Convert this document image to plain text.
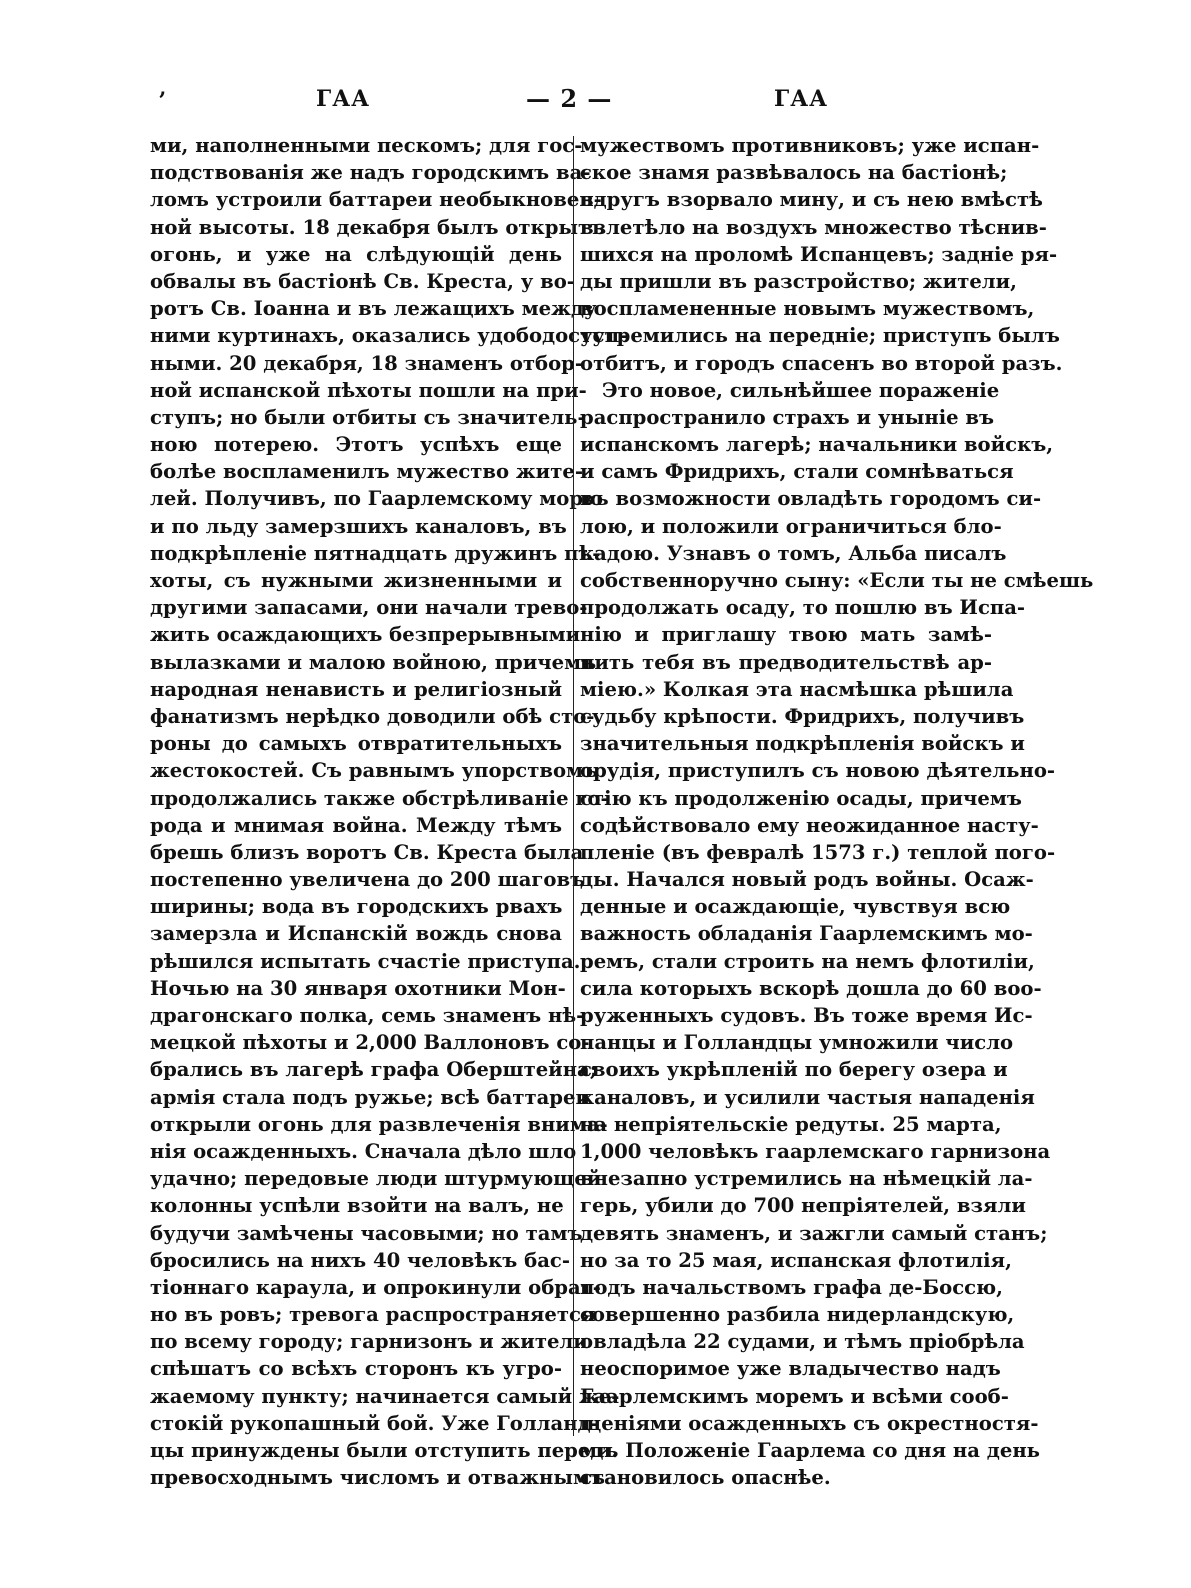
ʼ	ГАА	— 2 —	ГАА
ми, наполненными пескомъ; для гос-
подствованія же надъ городскимъ ва-
ломъ устроили баттареи необыкновен-
ной высоты. 18 декабря былъ открытъ
огонь, и уже на слѣдующій день
обвалы въ бастіонѣ Св. Креста, у во-
ротъ Св. Іоанна и въ лежащихъ между
ними куртинахъ, оказались удободоступ-
ными. 20 декабря, 18 знаменъ отбор-
ной испанской пѣхоты пошли на при-
ступъ; но были отбиты съ значитель-
ною потерею. Этотъ успѣхъ еще
болѣе воспламенилъ мужество жите-
лей. Получивъ, по Гаарлемскому морю
и по льду замерзшихъ каналовъ, въ
подкрѣпленіе пятнадцать дружинъ пѣ-
хоты, съ нужными жизненными и
другими запасами, они начали трево-
жить осаждающихъ безпрерывными
вылазками и малою войною, причемъ
народная ненависть и религіозный
фанатизмъ нерѣдко доводили обѣ сто-
роны до самыхъ отвратительныхъ
жестокостей. Съ равнымъ упорствомъ
продолжались также обстрѣливаніе го-
рода и мнимая война. Между тѣмъ
брешь близъ воротъ Св. Креста была
постепенно увеличена до 200 шаговъ
ширины; вода въ городскихъ рвахъ
замерзла и Испанскій вождь снова
рѣшился испытать счастіе приступа.
Ночью на 30 января охотники Мон-
драгонскаго полка, семь знаменъ нѣ-
мецкой пѣхоты и 2,000 Валлоновъ со-
брались въ лагерѣ графа Оберштейна;
армія стала подъ ружье; всѣ баттареи
открыли огонь для развлеченія внима-
нія осажденныхъ. Сначала дѣло шло
удачно; передовые люди штурмующей
колонны успѣли взойти на валъ, не
будучи замѣчены часовыми; но тамъ
бросились на нихъ 40 человѣкъ бас-
тіоннаго караула, и опрокинули обрат-
но въ ровъ; тревога распространяется
по всему городу; гарнизонъ и жители
спѣшатъ со всѣхъ сторонъ къ угро-
жаемому пункту; начинается самый же-
стокій рукопашный бой. Уже Голланд-
цы принуждены были отступить передъ
превосходнымъ числомъ и отважнымъ
мужествомъ противниковъ; уже испан-
ское знамя развѣвалось на бастіонѣ;
вдругъ взорвало мину, и съ нею вмѣстѣ
взлетѣло на воздухъ множество тѣснив-
шихся на проломѣ Испанцевъ; заднiе ря-
ды пришли въ разстройство; жители,
воспламененные новымъ мужествомъ,
устремились на переднiе; приступъ былъ
отбитъ, и городъ спасенъ во второй разъ.
Это новое, сильнѣйшее пораженіе
распространило страхъ и уныніе въ
испанскомъ лагерѣ; начальники войскъ,
и самъ Фридрихъ, стали сомнѣваться
въ возможности овладѣть городомъ си-
лою, и положили ограничиться бло-
кадою. Узнавъ о томъ, Альба писалъ
собственноручно сыну: «Если ты не смѣешь
продолжать осаду, то пошлю въ Испа-
нію и приглашу твою мать замѣ-
нить тебя въ предводительствѣ ар-
міею.» Колкая эта насмѣшка рѣшила
судьбу крѣпости. Фридрихъ, получивъ
значительныя подкрѣпленія войскъ и
орудія, приступилъ съ новою дѣятельно-
стію къ продолженію осады, причемъ
содѣйствовало ему неожиданное насту-
пленіе (въ февралѣ 1573 г.) теплой пого-
ды. Начался новый родъ войны. Осаж-
денные и осаждающіе, чувствуя всю
важность обладанія Гаарлемскимъ мо-
ремъ, стали строить на немъ флотиліи,
сила которыхъ вскорѣ дошла до 60 воо-
руженныхъ судовъ. Въ тоже время Ис-
панцы и Голландцы умножили число
своихъ укрѣпленій по берегу озера и
каналовъ, и усилили частыя нападенія
на непріятельскіе редуты. 25 марта,
1,000 человѣкъ гаарлемскаго гарнизона
внезапно устремились на нѣмецкій ла-
герь, убили до 700 непріятелей, взяли
девять знаменъ, и зажгли самый станъ;
но за то 25 мая, испанская флотилія,
подъ начальствомъ графа де-Боссю,
совершенно разбила нидерландскую,
овладѣла 22 судами, и тѣмъ пріобрѣла
неоспоримое уже владычество надъ
Гаарлемскимъ моремъ и всѣми сооб-
щеніями осажденныхъ съ окрестностя-
ми. Положеніе Гаарлема со дня на день
становилось опаснѣе.
